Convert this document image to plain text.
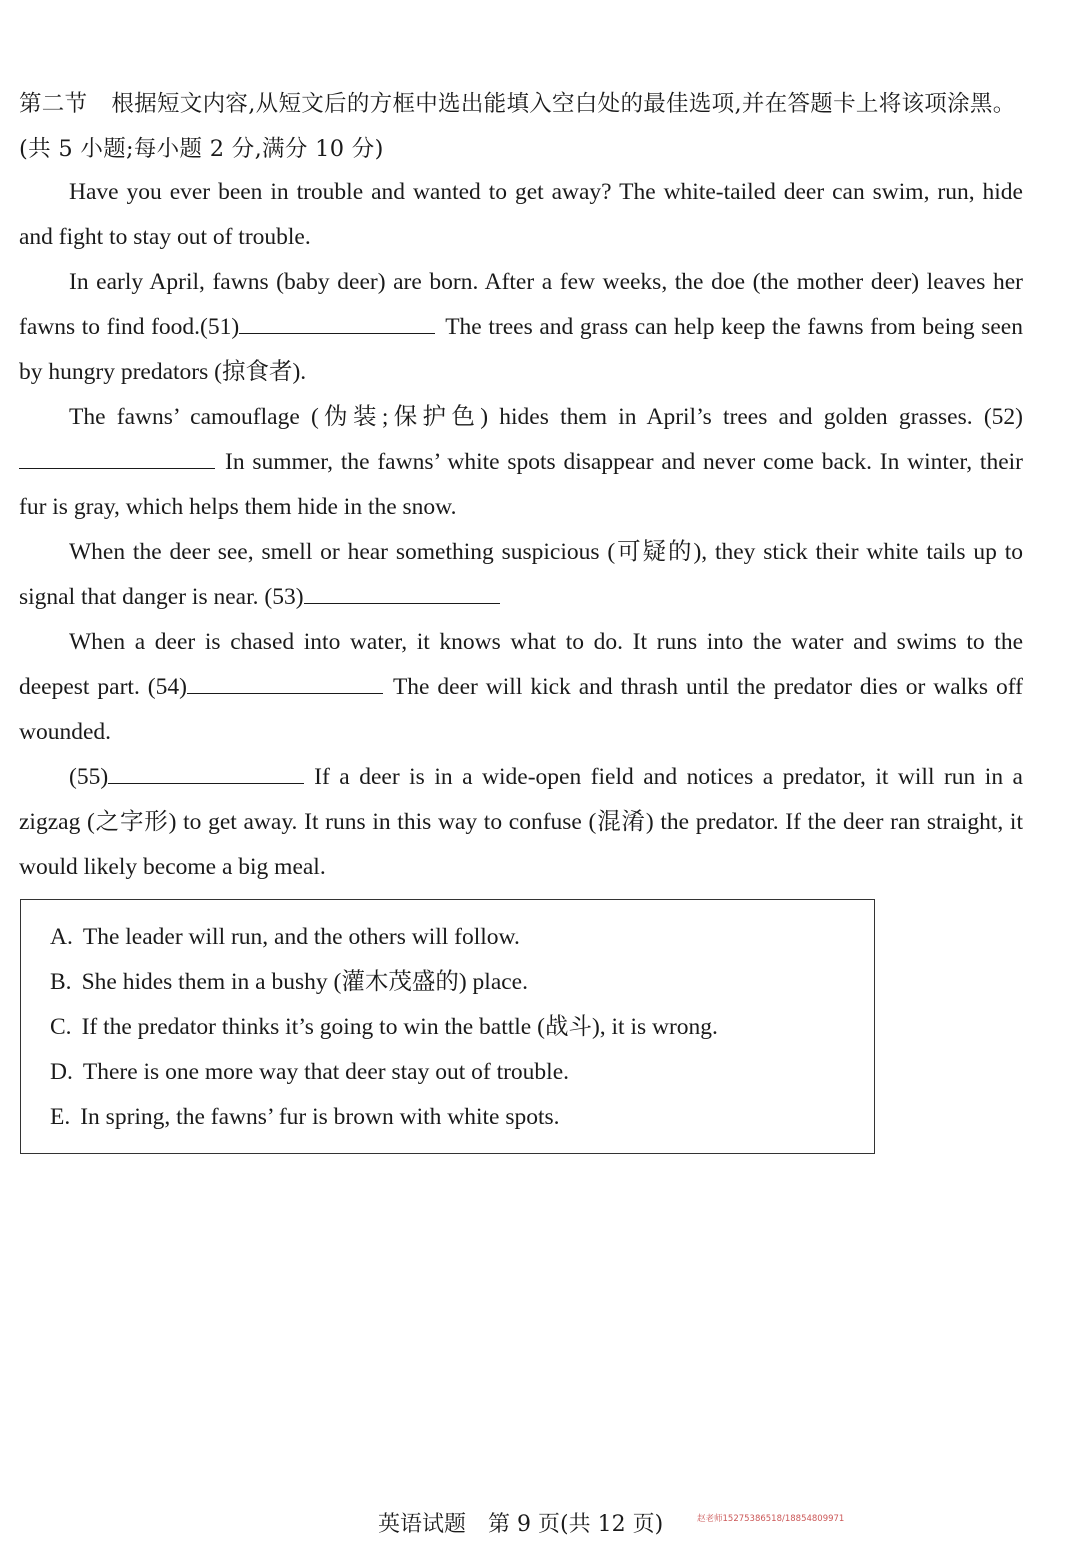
第二节 根据短文内容,从短文后的方框中选出能填入空白处的最佳选项,并在答题卡上将该项涂黑。(共 5 小题;每小题 2 分,满分 10 分)

Have you ever been in trouble and wanted to get away? The white-tailed deer can swim, run, hide and fight to stay out of trouble.

In early April, fawns (baby deer) are born. After a few weeks, the doe (the mother deer) leaves her fawns to find food.(51)	The trees and grass can help keep the fawns from being seen by hungry predators (掠食者).

The fawns’ camouflage (伪装;保护色) hides them in April’s trees and golden grasses. (52)In summer, the fawns’ white spots disappear and never come back. In winter, their fur is gray, which helps them hide in the snow.

When the deer see, smell or hear something suspicious (可疑的), they stick their white tails up to signal that danger is near. (53)

When a deer is chased into water, it knows what to do. It runs into the water and swims to the deepest part. (54)	The deer will kick and thrash until the predator dies or walks off wounded.

(55)	If a deer is in a wide-open field and notices a predator, it will run in a zigzag (之字形) to get away. It runs in this way to confuse (混淆) the predator. If the deer ran straight, it would likely become a big meal.

A. The leader will run, and the others will follow.
B. She hides them in a bushy (灌木茂盛的) place.
C. If the predator thinks it’s going to win the battle (战斗), it is wrong.
D. There is one more way that deer stay out of trouble.
E. In spring, the fawns’ fur is brown with white spots.
英语试题 第 9 页(共 12 页)	赵老师15275386518/18854809971
